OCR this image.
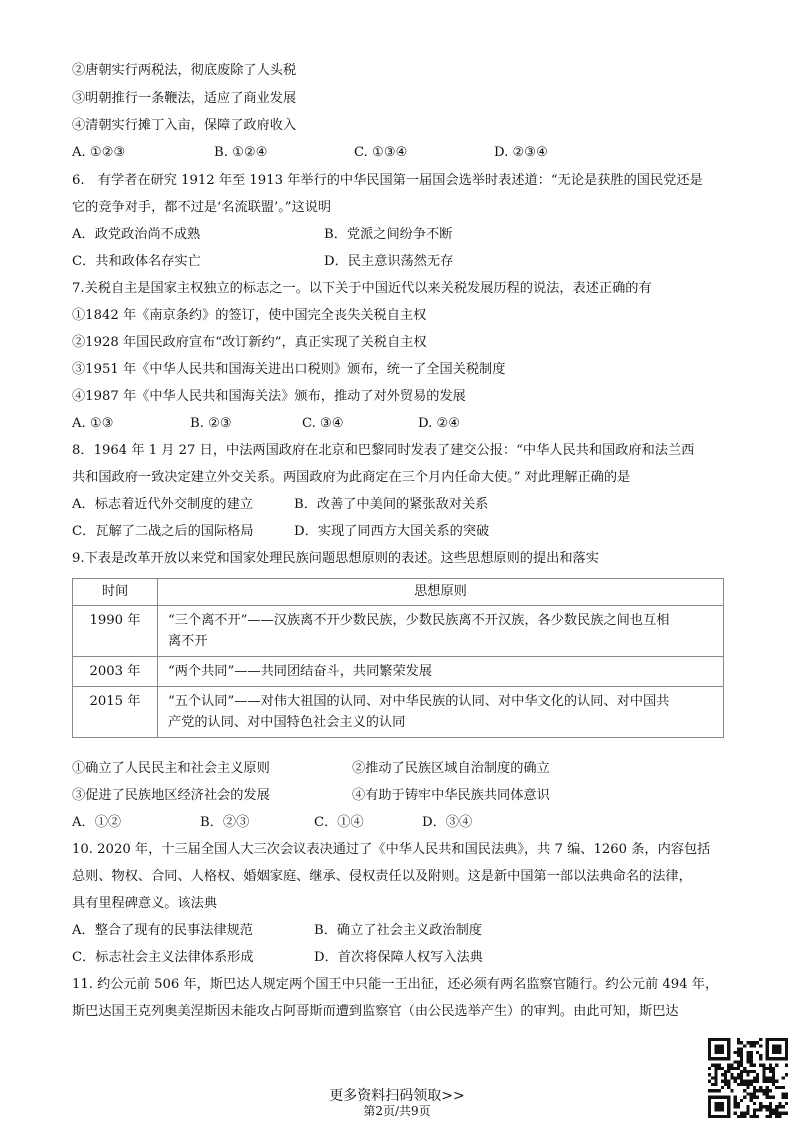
②唐朝实行两税法，彻底废除了人头税
③明朝推行一条鞭法，适应了商业发展
④清朝实行摊丁入亩，保障了政府收入
A. ①②③	B. ①②④	C. ①③④	D. ②③④
6.　有学者在研究 1912 年至 1913 年举行的中华民国第一届国会选举时表述道：“无论是获胜的国民党还是
它的竞争对手，都不过是‘名流联盟’。”这说明
A．政党政治尚不成熟	B．党派之间纷争不断
C．共和政体名存实亡	D．民主意识荡然无存
7.关税自主是国家主权独立的标志之一。以下关于中国近代以来关税发展历程的说法，表述正确的有
①1842 年《南京条约》的签订，使中国完全丧失关税自主权
②1928 年国民政府宣布“改订新约”，真正实现了关税自主权
③1951 年《中华人民共和国海关进出口税则》颁布，统一了全国关税制度
④1987 年《中华人民共和国海关法》颁布，推动了对外贸易的发展
A. ①③	B. ②③	C. ③④	D. ②④
8．1964 年 1 月 27 日，中法两国政府在北京和巴黎同时发表了建交公报：“中华人民共和国政府和法兰西
共和国政府一致决定建立外交关系。两国政府为此商定在三个月内任命大使。” 对此理解正确的是
A．标志着近代外交制度的建立	B．改善了中美间的紧张敌对关系
C．瓦解了二战之后的国际格局	D．实现了同西方大国关系的突破
9.下表是改革开放以来党和国家处理民族问题思想原则的表述。这些思想原则的提出和落实
时间	思想原则
1990 年	“三个离不开”——汉族离不开少数民族，少数民族离不开汉族，各少数民族之间也互相
离不开

2003 年	“两个共同”——共同团结奋斗，共同繁荣发展

2015 年	“五个认同”——对伟大祖国的认同、对中华民族的认同、对中华文化的认同、对中国共
产党的认同、对中国特色社会主义的认同
①确立了人民民主和社会主义原则	②推动了民族区域自治制度的确立
③促进了民族地区经济社会的发展	④有助于铸牢中华民族共同体意识
A．①②	B．②③	C．①④	D．③④
10. 2020 年，十三届全国人大三次会议表决通过了《中华人民共和国民法典》，共 7 编、1260 条，内容包括
总则、物权、合同、人格权、婚姻家庭、继承、侵权责任以及附则。这是新中国第一部以法典命名的法律，
具有里程碑意义。该法典
A．整合了现有的民事法律规范	B．确立了社会主义政治制度
C．标志社会主义法律体系形成	D．首次将保障人权写入法典
11. 约公元前 506 年，斯巴达人规定两个国王中只能一王出征，还必须有两名监察官随行。约公元前 494 年，
斯巴达国王克列奥美涅斯因未能攻占阿哥斯而遭到监察官（由公民选举产生）的审判。由此可知，斯巴达
更多资料扫码领取>>
第2页/共9页
